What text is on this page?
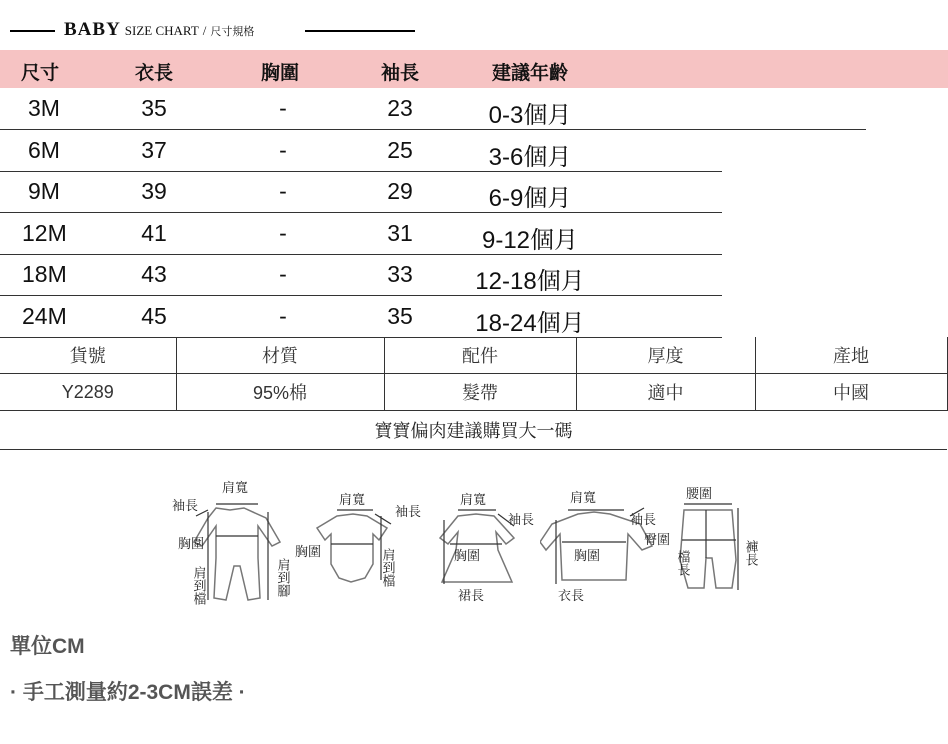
BABY SIZE CHART / 尺寸規格
尺寸	衣長	胸圍	袖長	建議年齡
3M	35	-	23	0-3個月
6M	37	-	25	3-6個月
9M	39	-	29	6-9個月
12M	41	-	31	9-12個月
18M	43	-	33	12-18個月
24M	45	-	35	18-24個月
貨號	材質	配件	厚度	產地
Y2289	95%棉	髮帶	適中	中國
寶寶偏肉建議購買大一碼				
肩寬
袖長
胸圍
肩到檔	肩到腳
肩寬
袖長
胸圍	肩到檔
肩寬
袖長
胸圍
裙長
肩寬
袖長
胸圍
衣長
腰圍
臀圍
檔長	褲長
單位CM
· 手工測量約2-3CM誤差 ·
